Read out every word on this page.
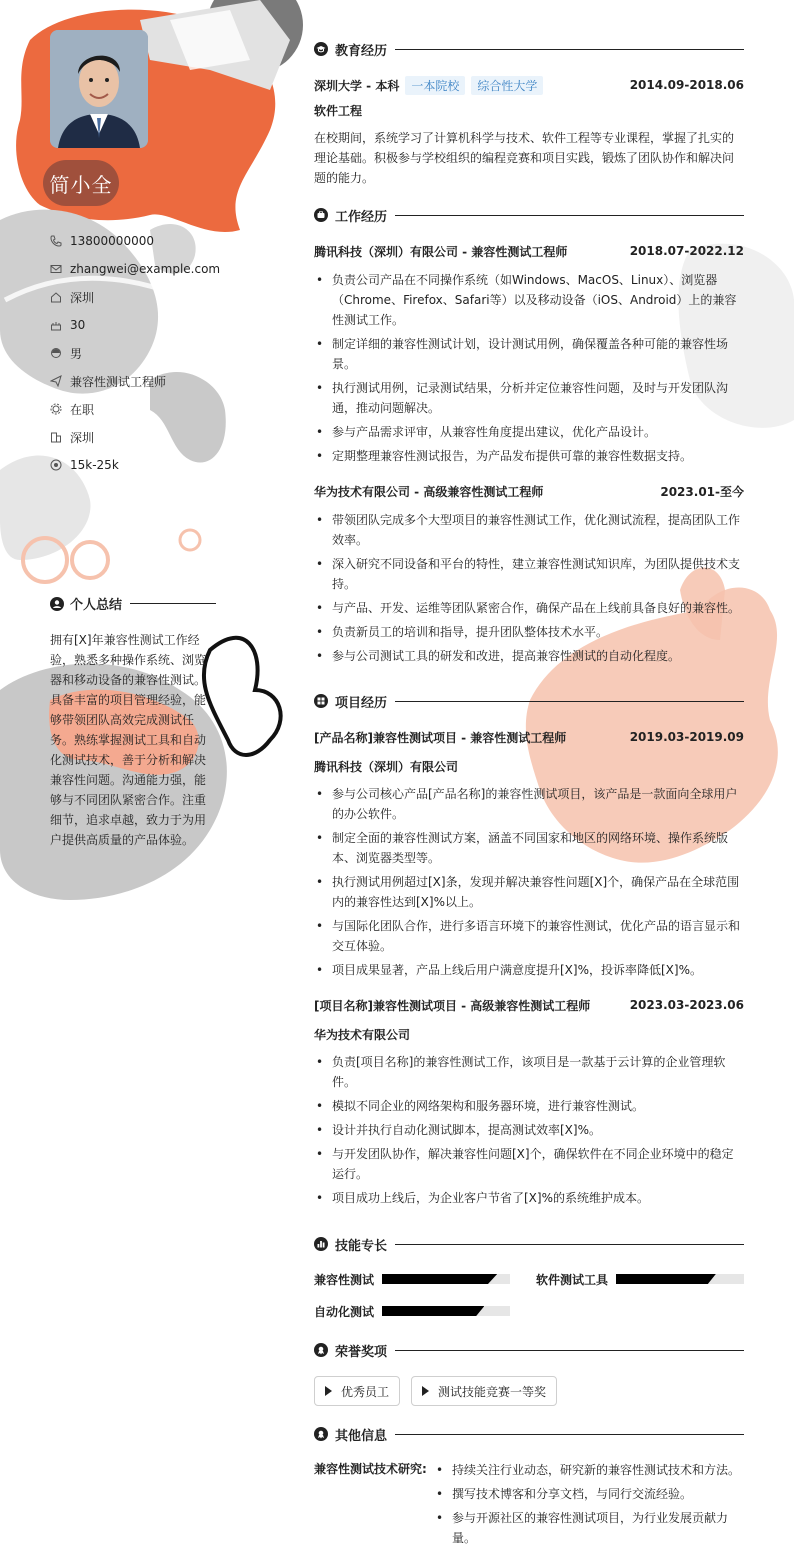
简小全
13800000000
zhangwei@example.com
深圳
30
男
兼容性测试工程师
在职
深圳
15k-25k
个人总结
拥有[X]年兼容性测试工作经验，熟悉多种操作系统、浏览器和移动设备的兼容性测试。具备丰富的项目管理经验，能够带领团队高效完成测试任务。熟练掌握测试工具和自动化测试技术，善于分析和解决兼容性问题。沟通能力强，能够与不同团队紧密合作。注重细节，追求卓越，致力于为用户提供高质量的产品体验。
教育经历
深圳大学 - 本科	一本院校	综合性大学	2014.09-2018.06
软件工程
在校期间，系统学习了计算机科学与技术、软件工程等专业课程，掌握了扎实的理论基础。积极参与学校组织的编程竞赛和项目实践，锻炼了团队协作和解决问题的能力。
工作经历
腾讯科技（深圳）有限公司 - 兼容性测试工程师	2018.07-2022.12
• 负责公司产品在不同操作系统（如Windows、MacOS、Linux）、浏览器（Chrome、Firefox、Safari等）以及移动设备（iOS、Android）上的兼容性测试工作。
• 制定详细的兼容性测试计划，设计测试用例，确保覆盖各种可能的兼容性场景。
• 执行测试用例，记录测试结果，分析并定位兼容性问题，及时与开发团队沟通，推动问题解决。
• 参与产品需求评审，从兼容性角度提出建议，优化产品设计。
• 定期整理兼容性测试报告，为产品发布提供可靠的兼容性数据支持。
华为技术有限公司 - 高级兼容性测试工程师	2023.01-至今
• 带领团队完成多个大型项目的兼容性测试工作，优化测试流程，提高团队工作效率。
• 深入研究不同设备和平台的特性，建立兼容性测试知识库，为团队提供技术支持。
• 与产品、开发、运维等团队紧密合作，确保产品在上线前具备良好的兼容性。
• 负责新员工的培训和指导，提升团队整体技术水平。
• 参与公司测试工具的研发和改进，提高兼容性测试的自动化程度。
项目经历
[产品名称]兼容性测试项目 - 兼容性测试工程师	2019.03-2019.09
腾讯科技（深圳）有限公司
• 参与公司核心产品[产品名称]的兼容性测试项目，该产品是一款面向全球用户的办公软件。
• 制定全面的兼容性测试方案，涵盖不同国家和地区的网络环境、操作系统版本、浏览器类型等。
• 执行测试用例超过[X]条，发现并解决兼容性问题[X]个，确保产品在全球范围内的兼容性达到[X]%以上。
• 与国际化团队合作，进行多语言环境下的兼容性测试，优化产品的语言显示和交互体验。
• 项目成果显著，产品上线后用户满意度提升[X]%，投诉率降低[X]%。
[项目名称]兼容性测试项目 - 高级兼容性测试工程师	2023.03-2023.06
华为技术有限公司
• 负责[项目名称]的兼容性测试工作，该项目是一款基于云计算的企业管理软件。
• 模拟不同企业的网络架构和服务器环境，进行兼容性测试。
• 设计并执行自动化测试脚本，提高测试效率[X]%。
• 与开发团队协作，解决兼容性问题[X]个，确保软件在不同企业环境中的稳定运行。
• 项目成功上线后，为企业客户节省了[X]%的系统维护成本。
技能专长
兼容性测试	软件测试工具
自动化测试
荣誉奖项
优秀员工	测试技能竞赛一等奖
其他信息
兼容性测试技术研究:
•	持续关注行业动态，研究新的兼容性测试技术和方法。
• 撰写技术博客和分享文档，与同行交流经验。
• 参与开源社区的兼容性测试项目，为行业发展贡献力量。
